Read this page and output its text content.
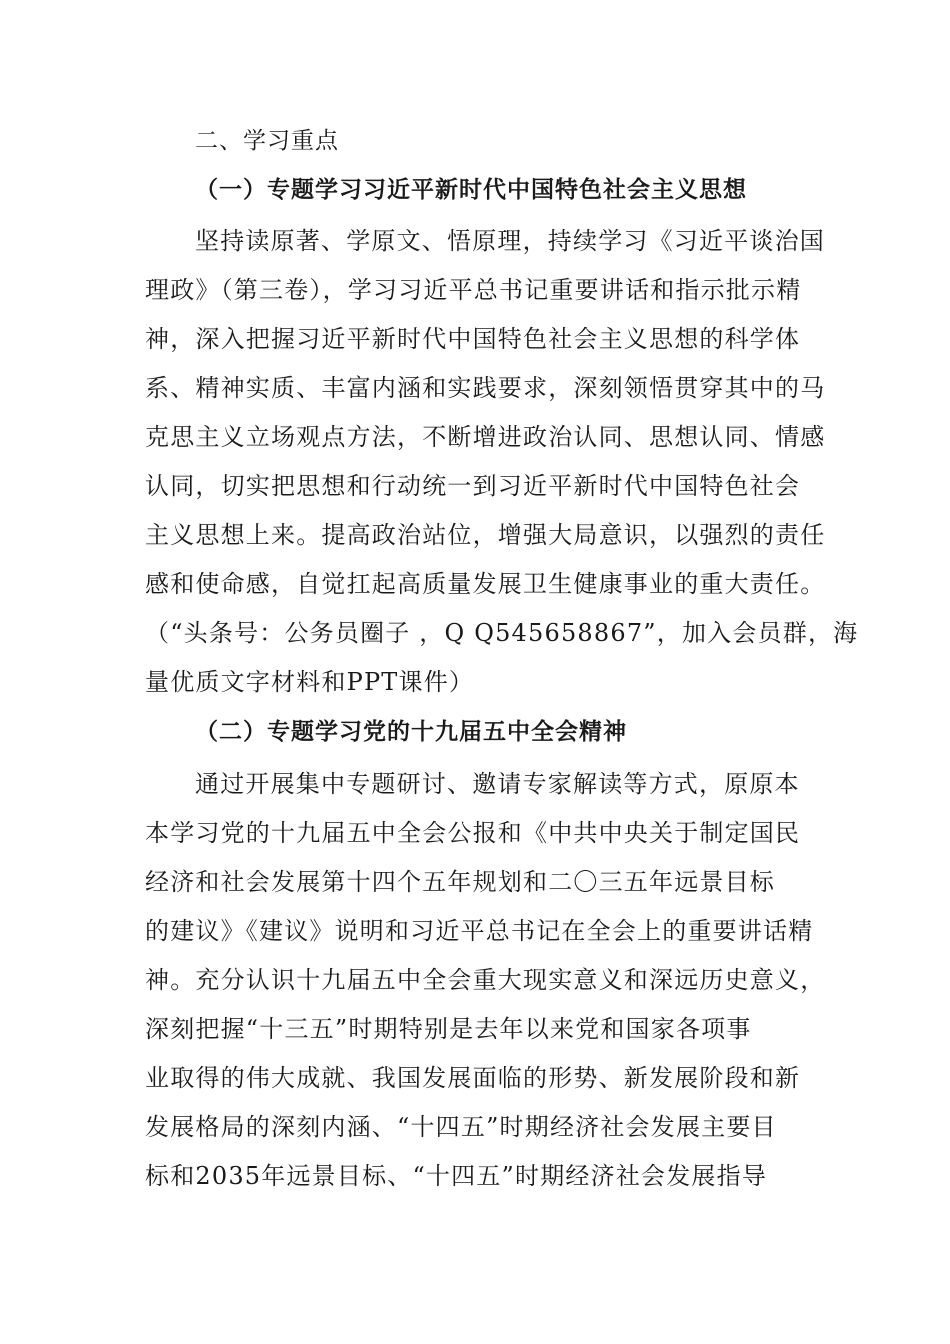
二、学习重点
（一）专题学习习近平新时代中国特色社会主义思想
坚持读原著、学原文、悟原理，持续学习《习近平谈治国
理政》（第三卷），学习习近平总书记重要讲话和指示批示精
神，深入把握习近平新时代中国特色社会主义思想的科学体
系、精神实质、丰富内涵和实践要求，深刻领悟贯穿其中的马
克思主义立场观点方法，不断增进政治认同、思想认同、情感
认同，切实把思想和行动统一到习近平新时代中国特色社会
主义思想上来。提高政治站位，增强大局意识，以强烈的责任
感和使命感，自觉扛起高质量发展卫生健康事业的重大责任。
（“头条号：公务员圈子 ，Q Q545658867”，加入会员群，海
量优质文字材料和PPT课件）
（二）专题学习党的十九届五中全会精神
通过开展集中专题研讨、邀请专家解读等方式，原原本
本学习党的十九届五中全会公报和《中共中央关于制定国民
经济和社会发展第十四个五年规划和二〇三五年远景目标
的建议》《建议》说明和习近平总书记在全会上的重要讲话精
神。充分认识十九届五中全会重大现实意义和深远历史意义，
深刻把握“十三五”时期特别是去年以来党和国家各项事
业取得的伟大成就、我国发展面临的形势、新发展阶段和新
发展格局的深刻内涵、“十四五”时期经济社会发展主要目
标和2035年远景目标、“十四五”时期经济社会发展指导
